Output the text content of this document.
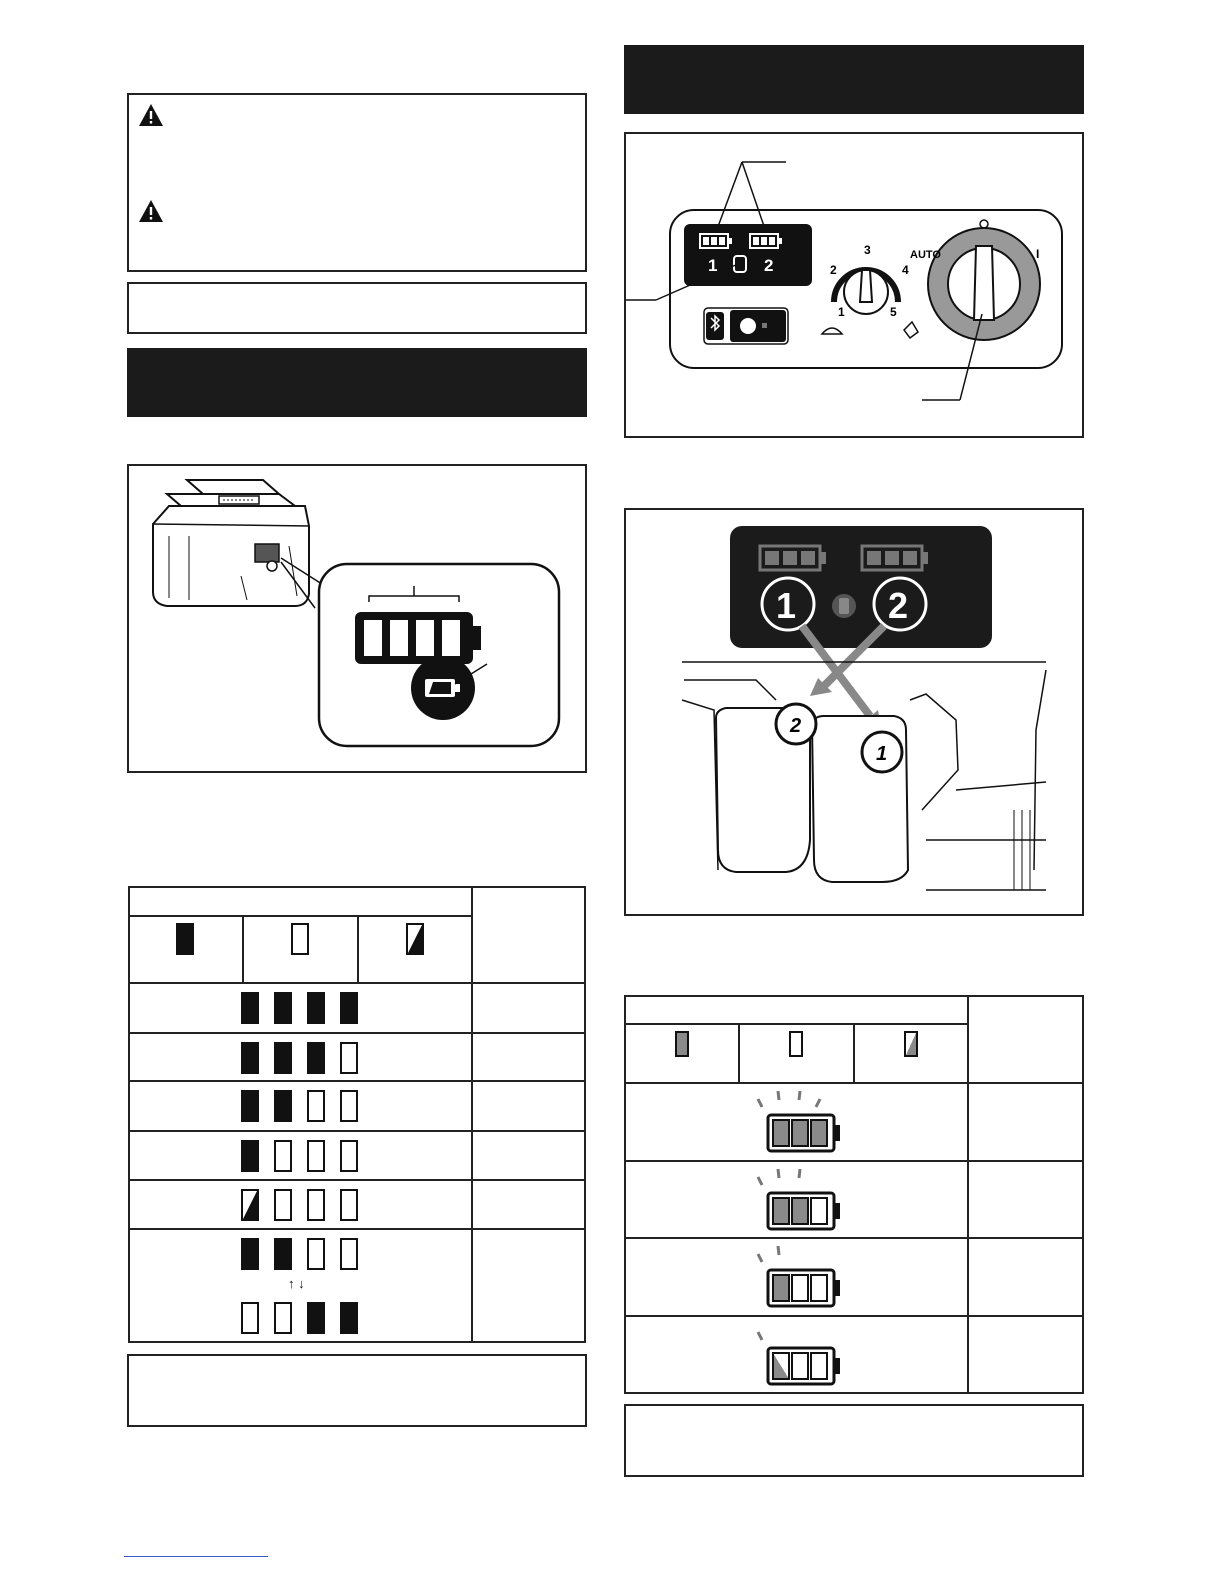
↑ ↓
1	2
3
2	4
1	5
AUTO	I
1	2
2
1
